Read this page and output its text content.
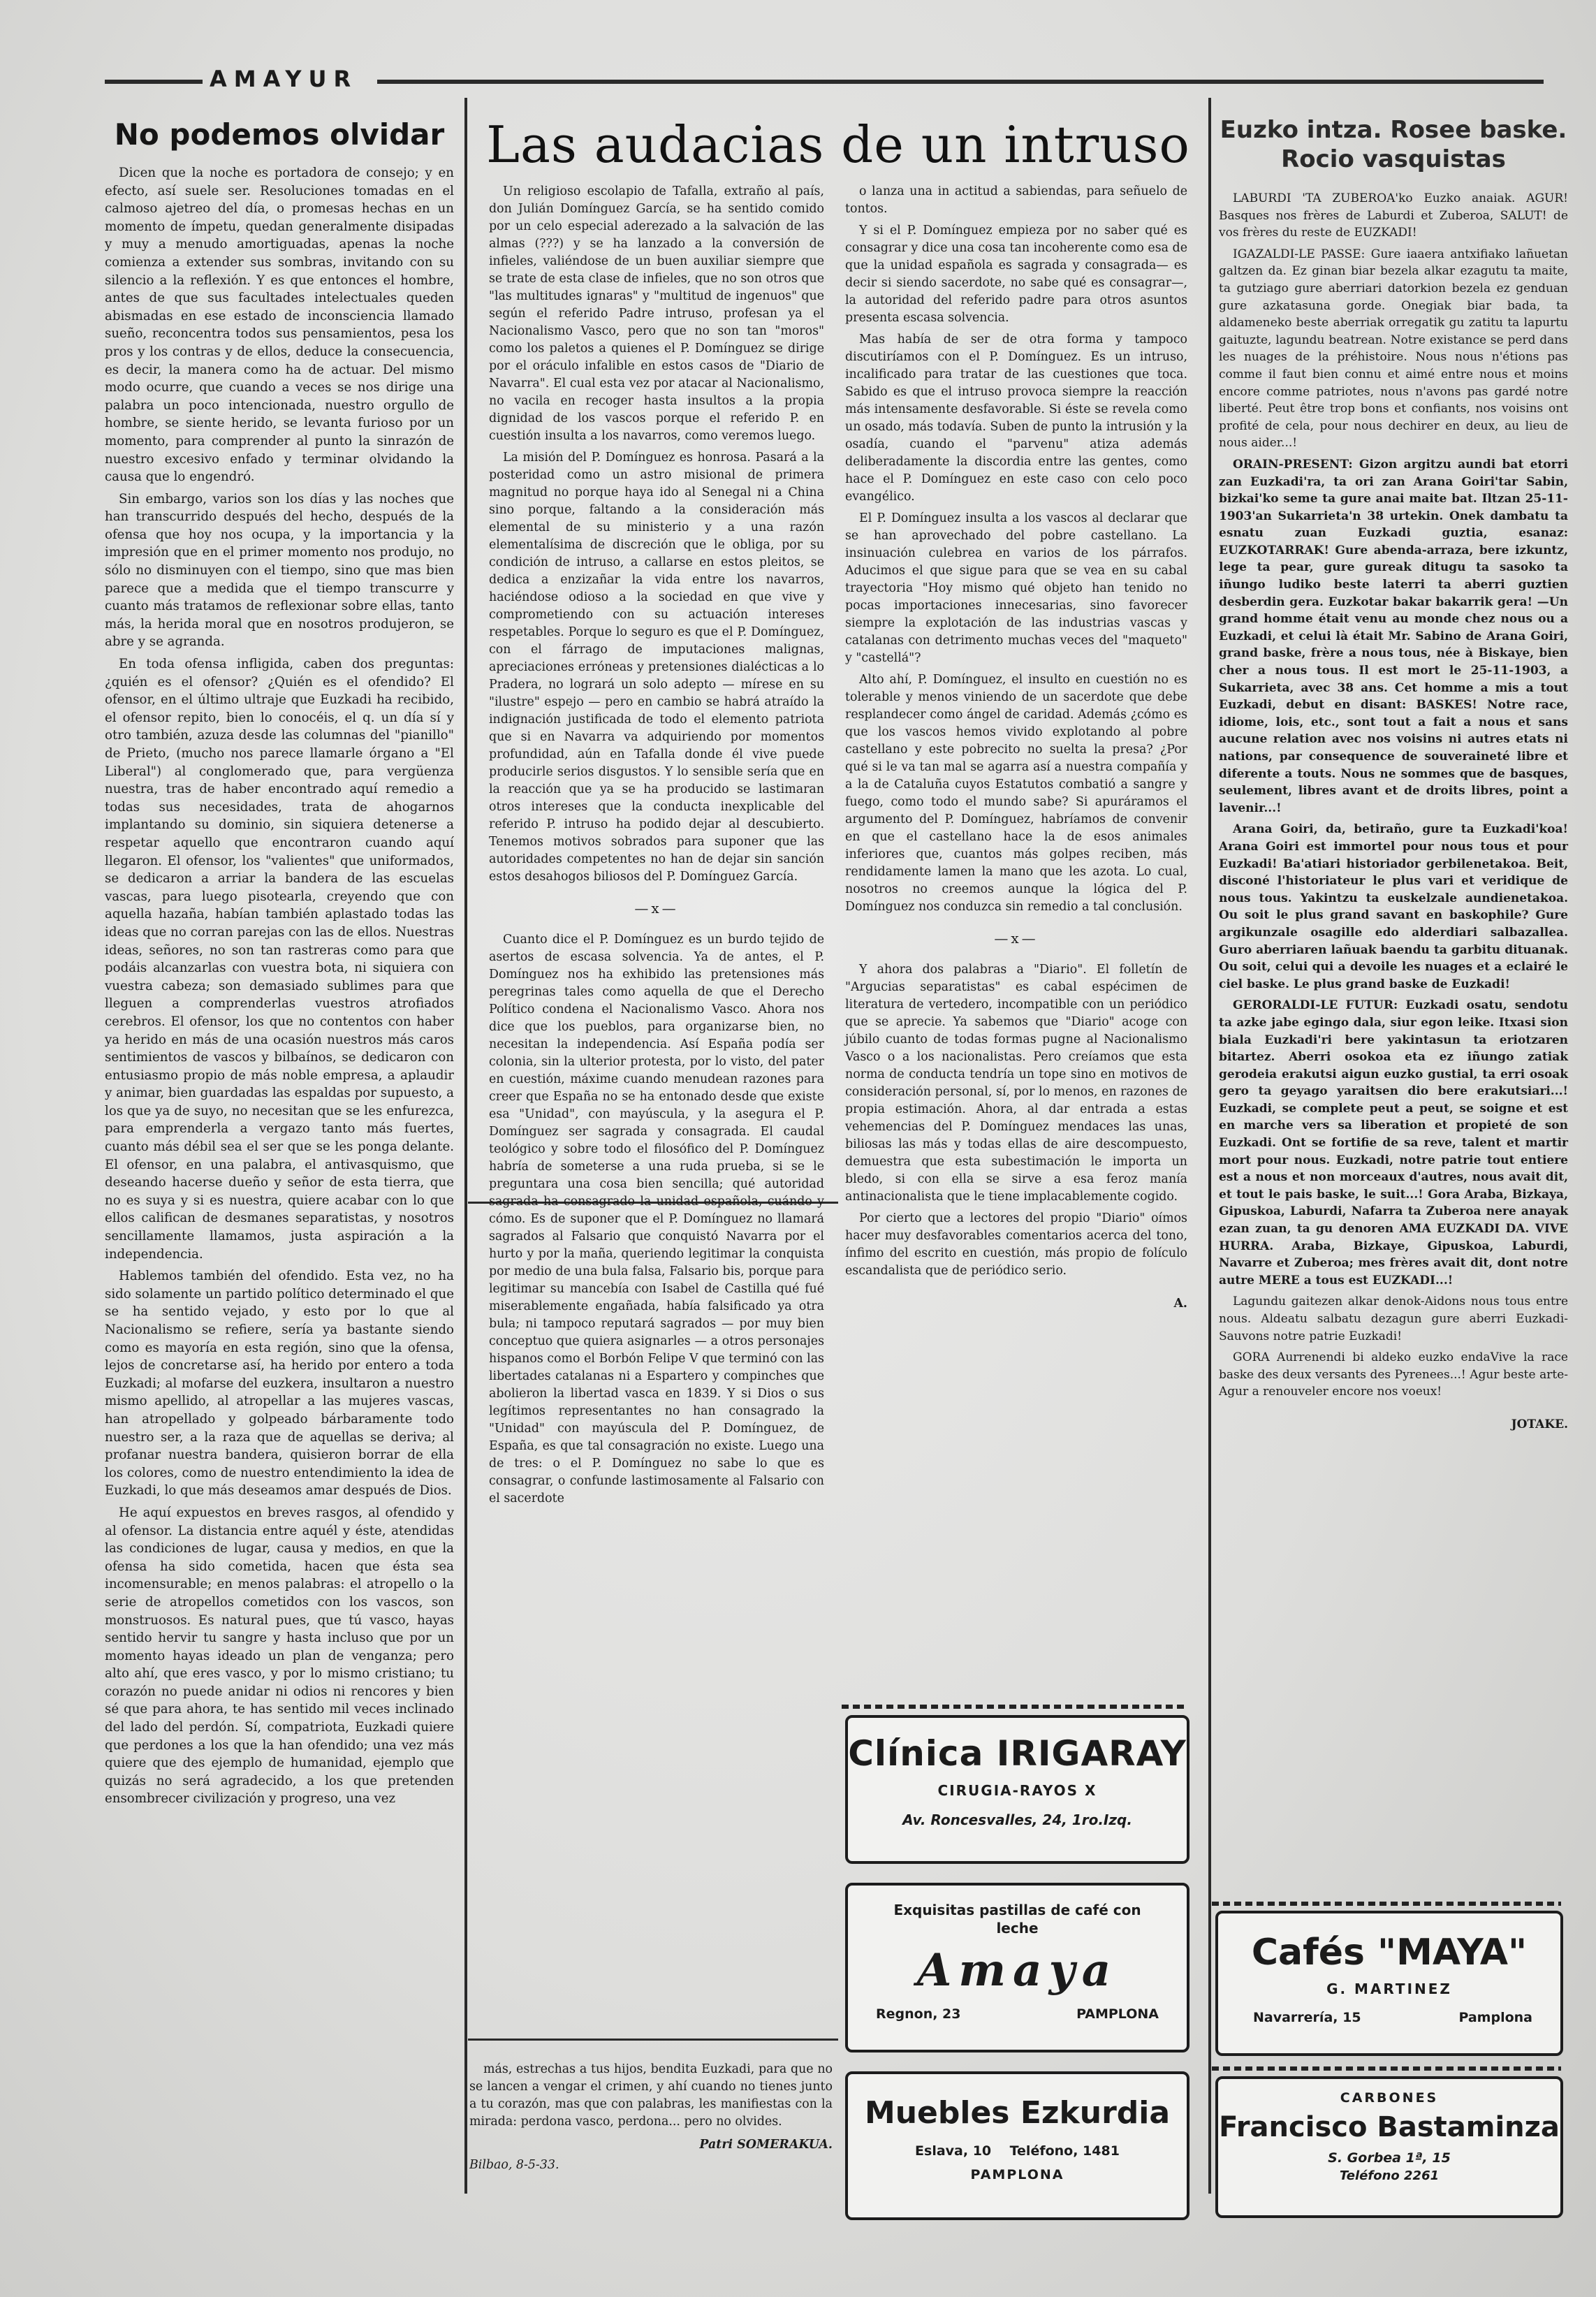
AMAYUR
No podemos olvidar

Dicen que la noche es portadora de consejo; y en efecto, así suele ser. Resoluciones tomadas en el calmoso ajetreo del día, o promesas hechas en un momento de ímpetu, quedan generalmente disipadas y muy a menudo amortiguadas, apenas la noche comienza a extender sus sombras, invitando con su silencio a la reflexión. Y es que entonces el hombre, antes de que sus facultades intelectuales queden abismadas en ese estado de inconsciencia llamado sueño, reconcentra todos sus pensamientos, pesa los pros y los contras y de ellos, deduce la consecuencia, es decir, la manera como ha de actuar. Del mismo modo ocurre, que cuando a veces se nos dirige una palabra un poco intencionada, nuestro orgullo de hombre, se siente herido, se levanta furioso por un momento, para comprender al punto la sinrazón de nuestro excesivo enfado y terminar olvidando la causa que lo engendró.

Sin embargo, varios son los días y las noches que han transcurrido después del hecho, después de la ofensa que hoy nos ocupa, y la importancia y la impresión que en el primer momento nos produjo, no sólo no disminuyen con el tiempo, sino que mas bien parece que a medida que el tiempo transcurre y cuanto más tratamos de reflexionar sobre ellas, tanto más, la herida moral que en nosotros produjeron, se abre y se agranda.

En toda ofensa infligida, caben dos preguntas: ¿quién es el ofensor? ¿Quién es el ofendido? El ofensor, en el último ultraje que Euzkadi ha recibido, el ofensor repito, bien lo conocéis, el q. un día sí y otro también, azuza desde las columnas del "pianillo" de Prieto, (mucho nos parece llamarle órgano a "El Liberal") al conglomerado que, para vergüenza nuestra, tras de haber encontrado aquí remedio a todas sus necesidades, trata de ahogarnos implantando su dominio, sin siquiera detenerse a respetar aquello que encontraron cuando aquí llegaron. El ofensor, los "valientes" que uniformados, se dedicaron a arriar la bandera de las escuelas vascas, para luego pisotearla, creyendo que con aquella hazaña, habían también aplastado todas las ideas que no corran parejas con las de ellos. Nuestras ideas, señores, no son tan rastreras como para que podáis alcanzarlas con vuestra bota, ni siquiera con vuestra cabeza; son demasiado sublimes para que lleguen a comprenderlas vuestros atrofiados cerebros. El ofensor, los que no contentos con haber ya herido en más de una ocasión nuestros más caros sentimientos de vascos y bilbaínos, se dedicaron con entusiasmo propio de más noble empresa, a aplaudir y animar, bien guardadas las espaldas por supuesto, a los que ya de suyo, no necesitan que se les enfurezca, para emprenderla a vergazo tanto más fuertes, cuanto más débil sea el ser que se les ponga delante. El ofensor, en una palabra, el antivasquismo, que deseando hacerse dueño y señor de esta tierra, que no es suya y si es nuestra, quiere acabar con lo que ellos califican de desmanes separatistas, y nosotros sencillamente llamamos, justa aspiración a la independencia.

Hablemos también del ofendido. Esta vez, no ha sido solamente un partido político determinado el que se ha sentido vejado, y esto por lo que al Nacionalismo se refiere, sería ya bastante siendo como es mayoría en esta región, sino que la ofensa, lejos de concretarse así, ha herido por entero a toda Euzkadi; al mofarse del euzkera, insultaron a nuestro mismo apellido, al atropellar a las mujeres vascas, han atropellado y golpeado bárbaramente todo nuestro ser, a la raza que de aquellas se deriva; al profanar nuestra bandera, quisieron borrar de ella los colores, como de nuestro entendimiento la idea de Euzkadi, lo que más deseamos amar después de Dios.

He aquí expuestos en breves rasgos, al ofendido y al ofensor. La distancia entre aquél y éste, atendidas las condiciones de lugar, causa y medios, en que la ofensa ha sido cometida, hacen que ésta sea incomensurable; en menos palabras: el atropello o la serie de atropellos cometidos con los vascos, son monstruosos. Es natural pues, que tú vasco, hayas sentido hervir tu sangre y hasta incluso que por un momento hayas ideado un plan de venganza; pero alto ahí, que eres vasco, y por lo mismo cristiano; tu corazón no puede anidar ni odios ni rencores y bien sé que para ahora, te has sentido mil veces inclinado del lado del perdón. Sí, compatriota, Euzkadi quiere que perdones a los que la han ofendido; una vez más quiere que des ejemplo de humanidad, ejemplo que quizás no será agradecido, a los que pretenden ensombrecer civilización y progreso, una vez

Las audacias de un intruso

Un religioso escolapio de Tafalla, extraño al país, don Julián Domínguez García, se ha sentido comido por un celo especial aderezado a la salvación de las almas (???) y se ha lanzado a la conversión de infieles, valiéndose de un buen auxiliar siempre que se trate de esta clase de infieles, que no son otros que "las multitudes ignaras" y "multitud de ingenuos" que según el referido Padre intruso, profesan ya el Nacionalismo Vasco, pero que no son tan "moros" como los paletos a quienes el P. Domínguez se dirige por el oráculo infalible en estos casos de "Diario de Navarra". El cual esta vez por atacar al Nacionalismo, no vacila en recoger hasta insultos a la propia dignidad de los vascos porque el referido P. en cuestión insulta a los navarros, como veremos luego.

La misión del P. Domínguez es honrosa. Pasará a la posteridad como un astro misional de primera magnitud no porque haya ido al Senegal ni a China sino porque, faltando a la consideración más elemental de su ministerio y a una razón elementalísima de discreción que le obliga, por su condición de intruso, a callarse en estos pleitos, se dedica a enzizañar la vida entre los navarros, haciéndose odioso a la sociedad en que vive y comprometiendo con su actuación intereses respetables. Porque lo seguro es que el P. Domínguez, con el fárrago de imputaciones malignas, apreciaciones erróneas y pretensiones dialécticas a lo Pradera, no logrará un solo adepto — mírese en su "ilustre" espejo — pero en cambio se habrá atraído la indignación justificada de todo el elemento patriota que si en Navarra va adquiriendo por momentos profundidad, aún en Tafalla donde él vive puede producirle serios disgustos. Y lo sensible sería que en la reacción que ya se ha producido se lastimaran otros intereses que la conducta inexplicable del referido P. intruso ha podido dejar al descubierto. Tenemos motivos sobrados para suponer que las autoridades competentes no han de dejar sin sanción estos desahogos biliosos del P. Domínguez García.

—x—

Cuanto dice el P. Domínguez es un burdo tejido de asertos de escasa solvencia. Ya de antes, el P. Domínguez nos ha exhibido las pretensiones más peregrinas tales como aquella de que el Derecho Político condena el Nacionalismo Vasco. Ahora nos dice que los pueblos, para organizarse bien, no necesitan la independencia. Así España podía ser colonia, sin la ulterior protesta, por lo visto, del pater en cuestión, máxime cuando menudean razones para creer que España no se ha entonado desde que existe esa "Unidad", con mayúscula, y la asegura el P. Domínguez ser sagrada y consagrada. El caudal teológico y sobre todo el filosófico del P. Domínguez habría de someterse a una ruda prueba, si se le preguntara una cosa bien sencilla; qué autoridad sagrada ha consagrado la unidad española, cuándo y cómo. Es de suponer que el P. Domínguez no llamará sagrados al Falsario que conquistó Navarra por el hurto y por la maña, queriendo legitimar la conquista por medio de una bula falsa, Falsario bis, porque para legitimar su mancebía con Isabel de Castilla qué fué miserablemente engañada, había falsificado ya otra bula; ni tampoco reputará sagrados — por muy bien conceptuo que quiera asignarles — a otros personajes hispanos como el Borbón Felipe V que terminó con las libertades catalanas ni a Espartero y compinches que abolieron la libertad vasca en 1839. Y si Dios o sus legítimos representantes no han consagrado la "Unidad" con mayúscula del P. Domínguez, de España, es que tal consagración no existe. Luego una de tres: o el P. Domínguez no sabe lo que es consagrar, o confunde lastimosamente al Falsario con el sacerdote

o lanza una in actitud a sabiendas, para señuelo de tontos.

Y si el P. Domínguez empieza por no saber qué es consagrar y dice una cosa tan incoherente como esa de que la unidad española es sagrada y consagrada— es decir si siendo sacerdote, no sabe qué es consagrar—, la autoridad del referido padre para otros asuntos presenta escasa solvencia.

Mas había de ser de otra forma y tampoco discutiríamos con el P. Domínguez. Es un intruso, incalificado para tratar de las cuestiones que toca. Sabido es que el intruso provoca siempre la reacción más intensamente desfavorable. Si éste se revela como un osado, más todavía. Suben de punto la intrusión y la osadía, cuando el "parvenu" atiza además deliberadamente la discordia entre las gentes, como hace el P. Domínguez en este caso con celo poco evangélico.

El P. Domínguez insulta a los vascos al declarar que se han aprovechado del pobre castellano. La insinuación culebrea en varios de los párrafos. Aducimos el que sigue para que se vea en su cabal trayectoria "Hoy mismo qué objeto han tenido no pocas importaciones innecesarias, sino favorecer siempre la explotación de las industrias vascas y catalanas con detrimento muchas veces del "maqueto" y "castellá"?

Alto ahí, P. Domínguez, el insulto en cuestión no es tolerable y menos viniendo de un sacerdote que debe resplandecer como ángel de caridad. Además ¿cómo es que los vascos hemos vivido explotando al pobre castellano y este pobrecito no suelta la presa? ¿Por qué si le va tan mal se agarra así a nuestra compañía y a la de Cataluña cuyos Estatutos combatió a sangre y fuego, como todo el mundo sabe? Si apuráramos el argumento del P. Domínguez, habríamos de convenir en que el castellano hace la de esos animales inferiores que, cuantos más golpes reciben, más rendidamente lamen la mano que les azota. Lo cual, nosotros no creemos aunque la lógica del P. Domínguez nos conduzca sin remedio a tal conclusión.

—x—

Y ahora dos palabras a "Diario". El folletín de "Argucias separatistas" es cabal espécimen de literatura de vertedero, incompatible con un periódico que se aprecie. Ya sabemos que "Diario" acoge con júbilo cuanto de todas formas pugne al Nacionalismo Vasco o a los nacionalistas. Pero creíamos que esta norma de conducta tendría un tope sino en motivos de consideración personal, sí, por lo menos, en razones de propia estimación. Ahora, al dar entrada a estas vehemencias del P. Domínguez mendaces las unas, biliosas las más y todas ellas de aire descompuesto, demuestra que esta subestimación le importa un bledo, si con ella se sirve a esa feroz manía antinacionalista que le tiene implacablemente cogido.

Por cierto que a lectores del propio "Diario" oímos hacer muy desfavorables comentarios acerca del tono, ínfimo del escrito en cuestión, más propio de folículo escandalista que de periódico serio.

A.

más, estrechas a tus hijos, bendita Euzkadi, para que no se lancen a vengar el crimen, y ahí cuando no tienes junto a tu corazón, mas que con palabras, les manifiestas con la mirada: perdona vasco, perdona... pero no olvides.

Patri SOMERAKUA.
Bilbao, 8-5-33.
Euzko intza. Rosee baske. Rocio vasquistas

LABURDI 'TA ZUBEROA'ko Euzko anaiak. AGUR! Basques nos frères de Laburdi et Zuberoa, SALUT! de vos frères du reste de EUZKADI!

IGAZALDI-LE PASSE: Gure iaaera antxifiako lañuetan galtzen da. Ez ginan biar bezela alkar ezagutu ta maite, ta gutziago gure aberriari datorkion bezela ez genduan gure azkatasuna gorde. Onegiak biar bada, ta aldameneko beste aberriak orregatik gu zatitu ta lapurtu gaituzte, lagundu beatrean. Notre existance se perd dans les nuages de la préhistoire. Nous nous n'étions pas comme il faut bien connu et aimé entre nous et moins encore comme patriotes, nous n'avons pas gardé notre liberté. Peut être trop bons et confiants, nos voisins ont profité de cela, pour nous dechirer en deux, au lieu de nous aider...!

ORAIN-PRESENT: Gizon argitzu aundi bat etorri zan Euzkadi'ra, ta ori zan Arana Goiri'tar Sabin, bizkai'ko seme ta gure anai maite bat. Iltzan 25-11-1903'an Sukarrieta'n 38 urtekin. Onek dambatu ta esnatu zuan Euzkadi guztia, esanaz: EUZKOTARRAK! Gure abenda-arraza, bere izkuntz, lege ta pear, gure gureak ditugu ta sasoko ta iñungo ludiko beste laterri ta aberri guztien desberdin gera. Euzkotar bakar bakarrik gera! —Un grand homme était venu au monde chez nous ou a Euzkadi, et celui là était Mr. Sabino de Arana Goiri, grand baske, frère a nous tous, née à Biskaye, bien cher a nous tous. Il est mort le 25-11-1903, a Sukarrieta, avec 38 ans. Cet homme a mis a tout Euzkadi, debut en disant: BASKES! Notre race, idiome, lois, etc., sont tout a fait a nous et sans aucune relation avec nos voisins ni autres etats ni nations, par consequence de souveraineté libre et diferente a touts. Nous ne sommes que de basques, seulement, libres avant et de droits libres, point a lavenir...!

Arana Goiri, da, betiraño, gure ta Euzkadi'koa! Arana Goiri est immortel pour nous tous et pour Euzkadi! Ba'atiari historiador gerbilenetakoa. Beit, disconé l'historiateur le plus vari et veridique de nous tous. Yakintzu ta euskelzale aundienetakoa. Ou soit le plus grand savant en baskophile? Gure argikunzale osagille edo alderdiari salbazallea. Guro aberriaren lañuak baendu ta garbitu dituanak. Ou soit, celui qui a devoile les nuages et a eclairé le ciel baske. Le plus grand baske de Euzkadi!

GERORALDI-LE FUTUR: Euzkadi osatu, sendotu ta azke jabe egingo dala, siur egon leike. Itxasi sion biala Euzkadi'ri bere yakintasun ta eriotzaren bitartez. Aberri osokoa eta ez iñungo zatiak gerodeia erakutsi aigun euzko gustial, ta erri osoak gero ta geyago yaraitsen dio bere erakutsiari...! Euzkadi, se complete peut a peut, se soigne et est en marche vers sa liberation et propieté de son Euzkadi. Ont se fortifie de sa reve, talent et martir mort pour nous. Euzkadi, notre patrie tout entiere est a nous et non morceaux d'autres, nous avait dit, et tout le pais baske, le suit...! Gora Araba, Bizkaya, Gipuskoa, Laburdi, Nafarra ta Zuberoa nere anayak ezan zuan, ta gu denoren AMA EUZKADI DA. VIVE HURRA. Araba, Bizkaye, Gipuskoa, Laburdi, Navarre et Zuberoa; mes frères avait dit, dont notre autre MERE a tous est EUZKADI...!

Lagundu gaitezen alkar denok-Aidons nous tous entre nous. Aldeatu salbatu dezagun gure aberri Euzkadi-Sauvons notre patrie Euzkadi!

GORA Aurrenendi bi aldeko euzko endaVive la race baske des deux versants des Pyrenees...! Agur beste arte-Agur a renouveler encore nos voeux!

JOTAKE.
Clínica IRIGARAY
CIRUGIA-RAYOS X
Av. Roncesvalles, 24, 1ro.Izq.
Exquisitas pastillas de café con leche
Amaya
Regnon, 23	PAMPLONA
Muebles Ezkurdia
Eslava, 10    Teléfono, 1481
PAMPLONA
Cafés "MAYA"
G. MARTINEZ
Navarrería, 15	Pamplona
CARBONES
Francisco Bastaminza
S. Gorbea 1ª, 15
Teléfono 2261
